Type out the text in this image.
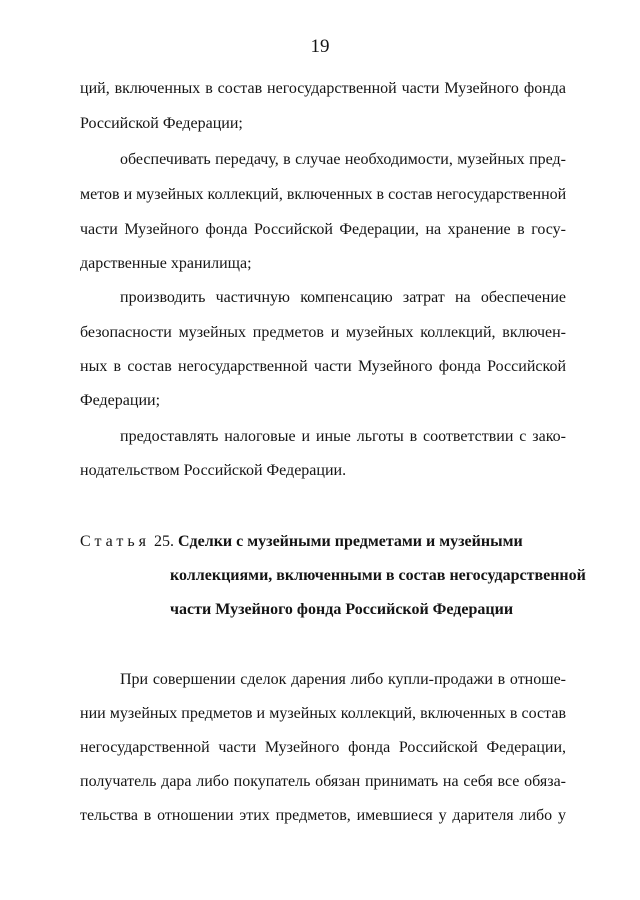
19
ций, включенных в состав негосударственной части Музейного фонда
Российской Федерации;
обеспечивать передачу, в случае необходимости, музейных пред-
метов и музейных коллекций, включенных в состав негосударственной
части Музейного фонда Российской Федерации, на хранение в госу-
дарственные хранилища;
производить частичную компенсацию затрат на обеспечение
безопасности музейных предметов и музейных коллекций, включен-
ных в состав негосударственной части Музейного фонда Российской
Федерации;
предоставлять налоговые и иные льготы в соответствии с зако-
нодательством Российской Федерации.
Статья 25. Сделки с музейными предметами и музейными
коллекциями, включенными в состав негосударственной
части Музейного фонда Российской Федерации
При совершении сделок дарения либо купли-продажи в отноше-
нии музейных предметов и музейных коллекций, включенных в состав
негосударственной части Музейного фонда Российской Федерации,
получатель дара либо покупатель обязан принимать на себя все обяза-
тельства в отношении этих предметов, имевшиеся у дарителя либо у
